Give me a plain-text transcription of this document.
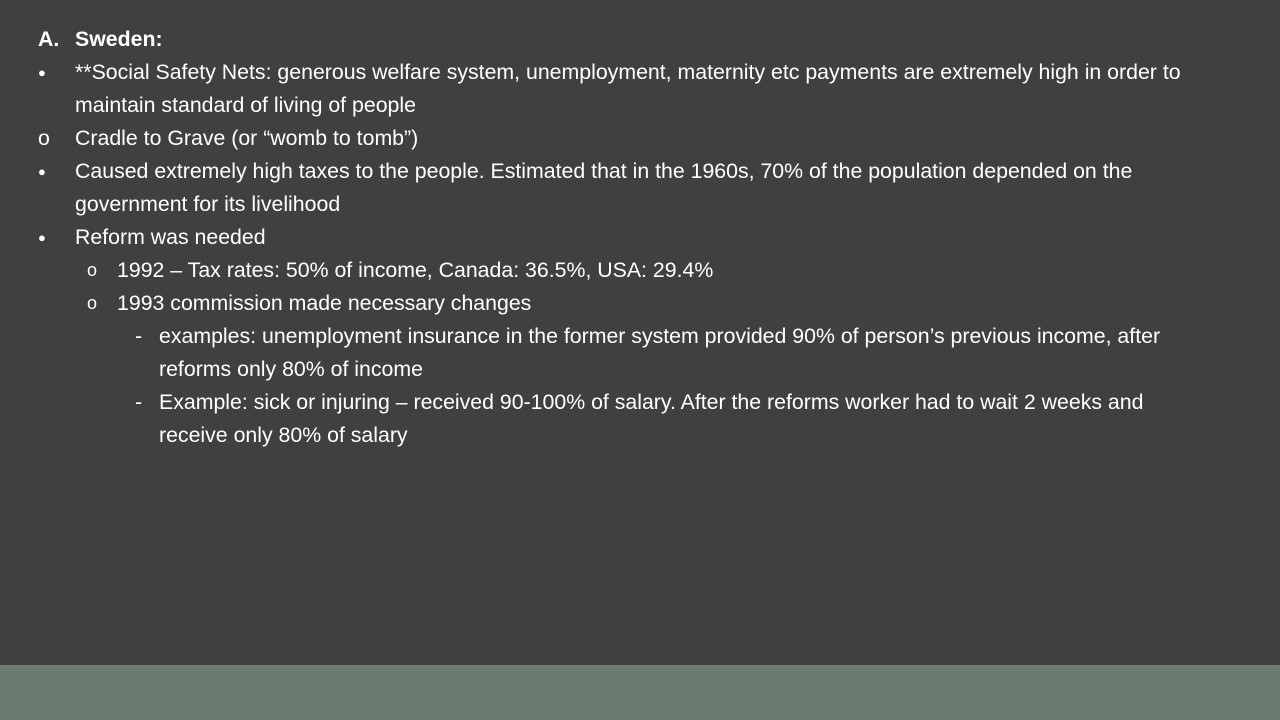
A. Sweden:
●	**Social Safety Nets: generous welfare system, unemployment, maternity etc payments are extremely high in order to maintain standard of living of people
o	Cradle to Grave (or “womb to tomb”)
●	Caused extremely high taxes to the people. Estimated that in the 1960s, 70% of the population depended on the government for its livelihood
●	Reform was needed
o 1992 – Tax rates: 50% of income, Canada: 36.5%, USA: 29.4%
o 1993 commission made necessary changes
- examples: unemployment insurance in the former system provided 90% of person’s previous income, after reforms only 80% of income
- Example: sick or injuring – received 90-100% of salary. After the reforms worker had to wait 2 weeks and receive only 80% of salary
